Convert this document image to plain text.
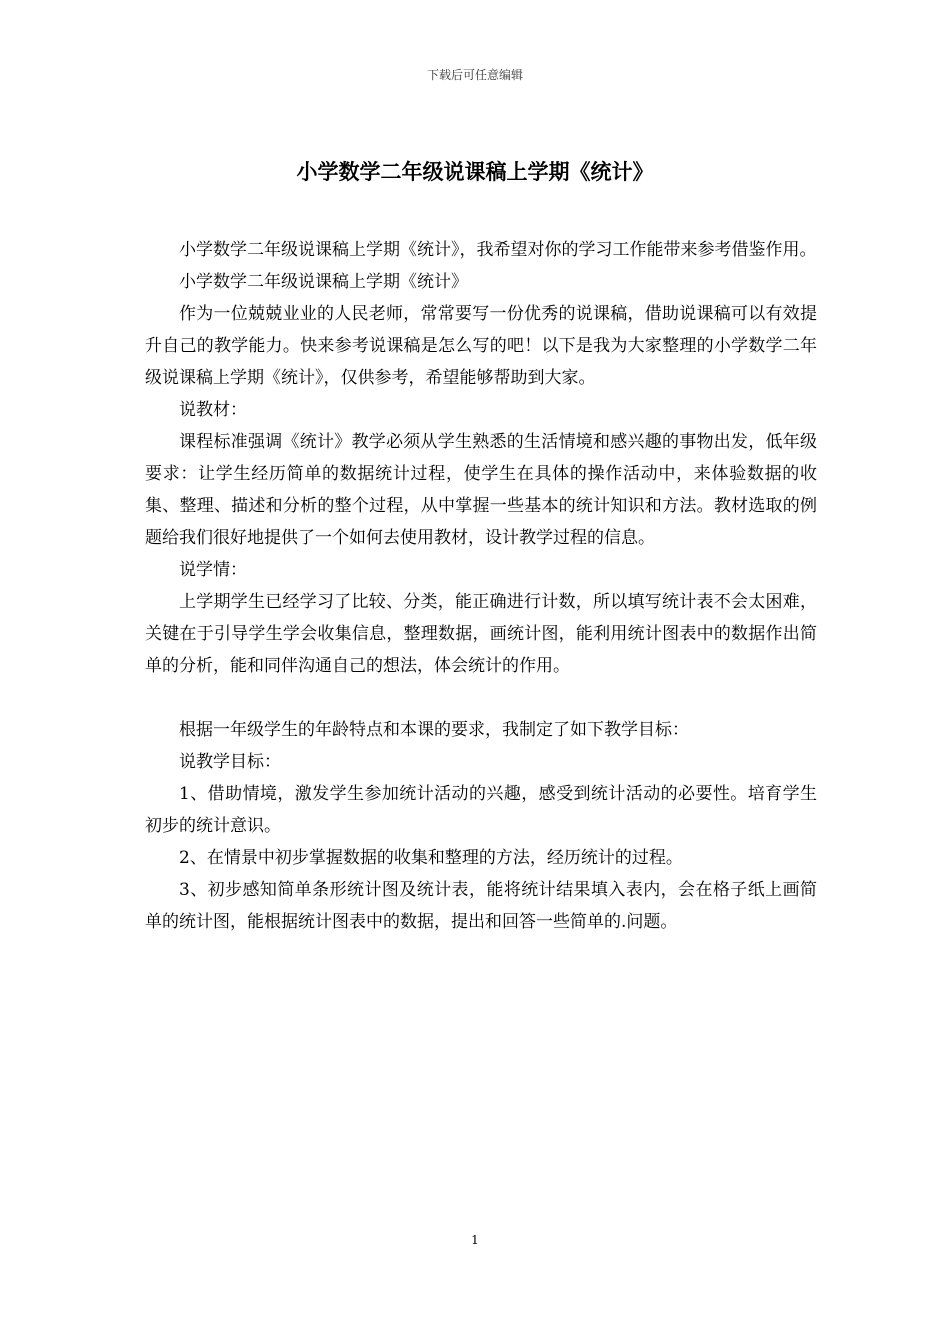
下载后可任意编辑
小学数学二年级说课稿上学期《统计》

小学数学二年级说课稿上学期《统计》，我希望对你的学习工作能带来参考借鉴作用。

小学数学二年级说课稿上学期《统计》

作为一位兢兢业业的人民老师，常常要写一份优秀的说课稿，借助说课稿可以有效提升自己的教学能力。快来参考说课稿是怎么写的吧！以下是我为大家整理的小学数学二年级说课稿上学期《统计》，仅供参考，希望能够帮助到大家。

说教材：

课程标准强调《统计》教学必须从学生熟悉的生活情境和感兴趣的事物出发，低年级要求：让学生经历简单的数据统计过程，使学生在具体的操作活动中，来体验数据的收集、整理、描述和分析的整个过程，从中掌握一些基本的统计知识和方法。教材选取的例题给我们很好地提供了一个如何去使用教材，设计教学过程的信息。

说学情：

上学期学生已经学习了比较、分类，能正确进行计数，所以填写统计表不会太困难，关键在于引导学生学会收集信息，整理数据，画统计图，能利用统计图表中的数据作出简单的分析，能和同伴沟通自己的想法，体会统计的作用。

根据一年级学生的年龄特点和本课的要求，我制定了如下教学目标：

说教学目标：

1、借助情境，激发学生参加统计活动的兴趣，感受到统计活动的必要性。培育学生初步的统计意识。

2、在情景中初步掌握数据的收集和整理的方法，经历统计的过程。

3、初步感知简单条形统计图及统计表，能将统计结果填入表内，会在格子纸上画简单的统计图，能根据统计图表中的数据，提出和回答一些简单的.问题。

1
